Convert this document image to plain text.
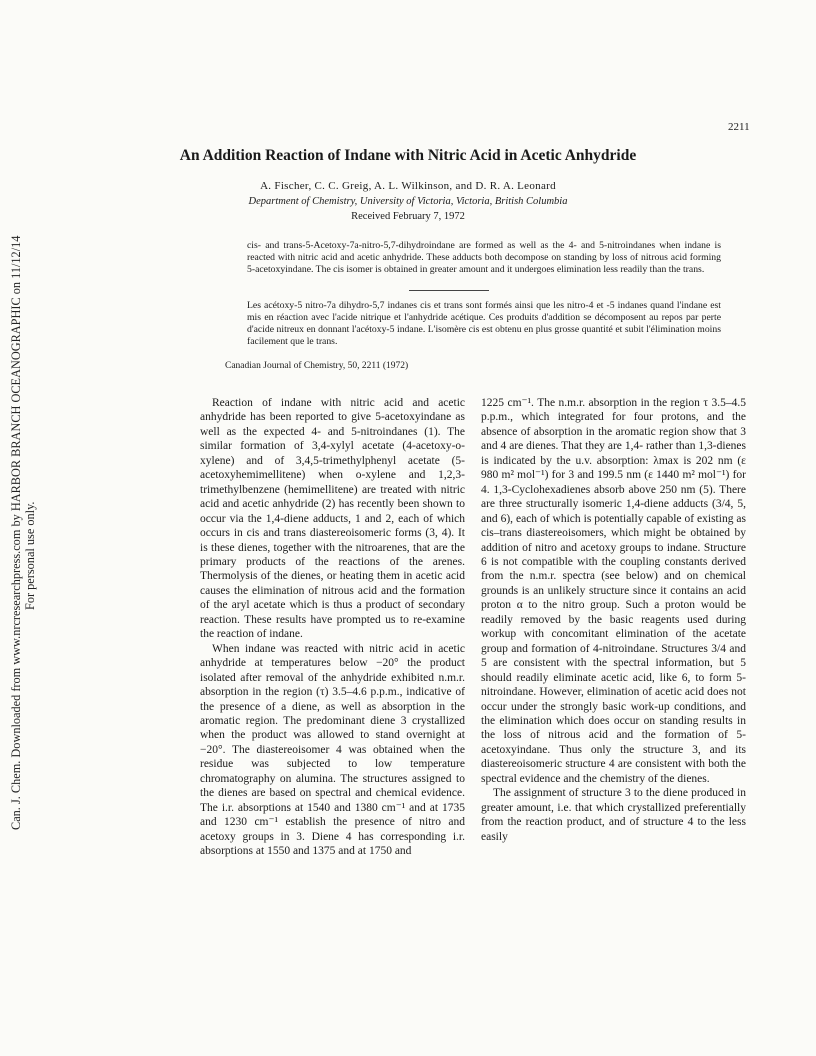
Can. J. Chem. Downloaded from www.nrcresearchpress.com by HARBOR BRANCH OCEANOGRAPHIC on 11/12/14 For personal use only.
2211
An Addition Reaction of Indane with Nitric Acid in Acetic Anhydride
A. Fischer, C. C. Greig, A. L. Wilkinson, and D. R. A. Leonard
Department of Chemistry, University of Victoria, Victoria, British Columbia
Received February 7, 1972
cis- and trans-5-Acetoxy-7a-nitro-5,7-dihydroindane are formed as well as the 4- and 5-nitroindanes when indane is reacted with nitric acid and acetic anhydride. These adducts both decompose on standing by loss of nitrous acid forming 5-acetoxyindane. The cis isomer is obtained in greater amount and it undergoes elimination less readily than the trans.
Les acétoxy-5 nitro-7a dihydro-5,7 indanes cis et trans sont formés ainsi que les nitro-4 et -5 indanes quand l'indane est mis en réaction avec l'acide nitrique et l'anhydride acétique. Ces produits d'addition se décomposent au repos par perte d'acide nitreux en donnant l'acétoxy-5 indane. L'isomère cis est obtenu en plus grosse quantité et subit l'élimination moins facilement que le trans.
Canadian Journal of Chemistry, 50, 2211 (1972)

Reaction of indane with nitric acid and acetic anhydride has been reported to give 5-acetoxyindane as well as the expected 4- and 5-nitroindanes (1). The similar formation of 3,4-xylyl acetate (4-acetoxy-o-xylene) and of 3,4,5-trimethylphenyl acetate (5-acetoxyhemimellitene) when o-xylene and 1,2,3-trimethylbenzene (hemimellitene) are treated with nitric acid and acetic anhydride (2) has recently been shown to occur via the 1,4-diene adducts, 1 and 2, each of which occurs in cis and trans diastereoisomeric forms (3, 4). It is these dienes, together with the nitroarenes, that are the primary products of the reactions of the arenes. Thermolysis of the dienes, or heating them in acetic acid causes the elimination of nitrous acid and the formation of the aryl acetate which is thus a product of secondary reaction. These results have prompted us to re-examine the reaction of indane.

When indane was reacted with nitric acid in acetic anhydride at temperatures below −20° the product isolated after removal of the anhydride exhibited n.m.r. absorption in the region (τ) 3.5–4.6 p.p.m., indicative of the presence of a diene, as well as absorption in the aromatic region. The predominant diene 3 crystallized when the product was allowed to stand overnight at −20°. The diastereoisomer 4 was obtained when the residue was subjected to low temperature chromatography on alumina. The structures assigned to the dienes are based on spectral and chemical evidence. The i.r. absorptions at 1540 and 1380 cm⁻¹ and at 1735 and 1230 cm⁻¹ establish the presence of nitro and acetoxy groups in 3. Diene 4 has corresponding i.r. absorptions at 1550 and 1375 and at 1750 and

1225 cm⁻¹. The n.m.r. absorption in the region τ 3.5–4.5 p.p.m., which integrated for four protons, and the absence of absorption in the aromatic region show that 3 and 4 are dienes. That they are 1,4- rather than 1,3-dienes is indicated by the u.v. absorption: λmax is 202 nm (ε 980 m² mol⁻¹) for 3 and 199.5 nm (ε 1440 m² mol⁻¹) for 4. 1,3-Cyclohexadienes absorb above 250 nm (5). There are three structurally isomeric 1,4-diene adducts (3/4, 5, and 6), each of which is potentially capable of existing as cis–trans diastereoisomers, which might be obtained by addition of nitro and acetoxy groups to indane. Structure 6 is not compatible with the coupling constants derived from the n.m.r. spectra (see below) and on chemical grounds is an unlikely structure since it contains an acid proton α to the nitro group. Such a proton would be readily removed by the basic reagents used during workup with concomitant elimination of the acetate group and formation of 4-nitroindane. Structures 3/4 and 5 are consistent with the spectral information, but 5 should readily eliminate acetic acid, like 6, to form 5-nitroindane. However, elimination of acetic acid does not occur under the strongly basic work-up conditions, and the elimination which does occur on standing results in the loss of nitrous acid and the formation of 5-acetoxyindane. Thus only the structure 3, and its diastereoisomeric structure 4 are consistent with both the spectral evidence and the chemistry of the dienes.

The assignment of structure 3 to the diene produced in greater amount, i.e. that which crystallized preferentially from the reaction product, and of structure 4 to the less easily
